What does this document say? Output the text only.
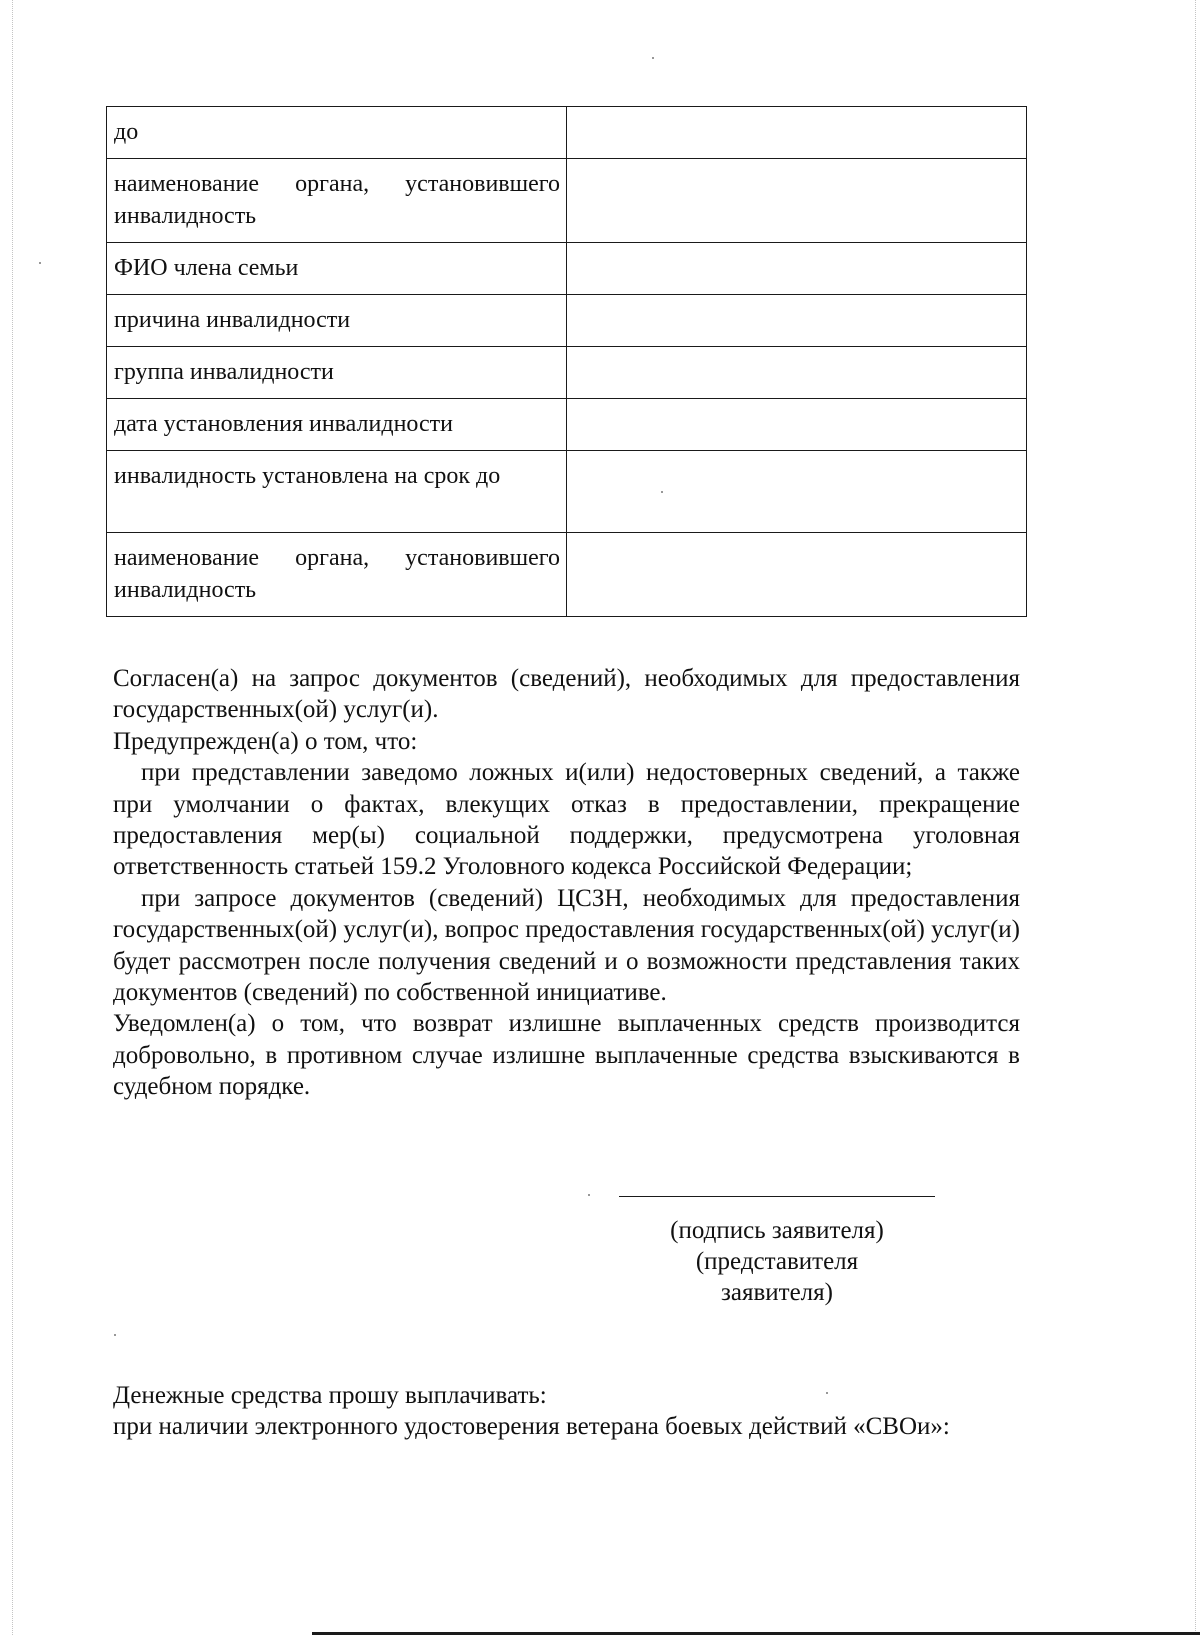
до	
наименование органа, установившего инвалидность	
ФИО члена семьи	
причина инвалидности	
группа инвалидности	
дата установления инвалидности	
инвалидность установлена на срок до	
наименование органа, установившего инвалидность	

Согласен(а) на запрос документов (сведений), необходимых для предоставления государственных(ой) услуг(и).

Предупрежден(а) о том, что:

при представлении заведомо ложных и(или) недостоверных сведений, а также при умолчании о фактах, влекущих отказ в предоставлении, прекращение предоставления мер(ы) социальной поддержки, предусмотрена уголовная ответственность статьей 159.2 Уголовного кодекса Российской Федерации;

при запросе документов (сведений) ЦСЗН, необходимых для предоставления государственных(ой) услуг(и), вопрос предоставления государственных(ой) услуг(и) будет рассмотрен после получения сведений и о возможности представления таких документов (сведений) по собственной инициативе.

Уведомлен(а) о том, что возврат излишне выплаченных средств производится добровольно, в противном случае излишне выплаченные средства взыскиваются в судебном порядке.

(подпись заявителя)
(представителя
заявителя)

Денежные средства прошу выплачивать:

при наличии электронного удостоверения ветерана боевых действий «СВОи»:
